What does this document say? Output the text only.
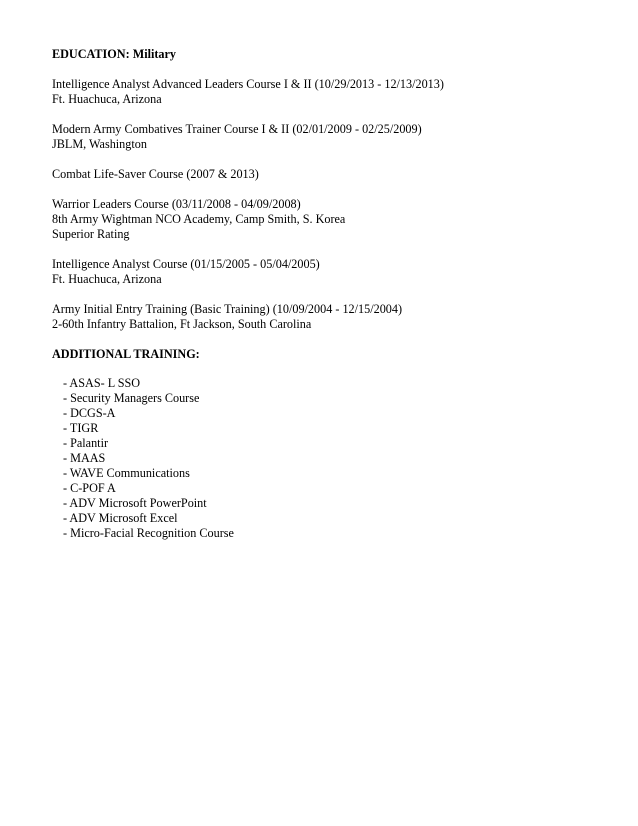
EDUCATION: Military
Intelligence Analyst Advanced Leaders Course I & II (10/29/2013 - 12/13/2013)
Ft. Huachuca, Arizona
Modern Army Combatives Trainer Course I & II (02/01/2009 - 02/25/2009)
JBLM, Washington
Combat Life-Saver Course (2007 & 2013)
Warrior Leaders Course (03/11/2008 - 04/09/2008)
8th Army Wightman NCO Academy, Camp Smith, S. Korea
Superior Rating
Intelligence Analyst Course (01/15/2005 - 05/04/2005)
Ft. Huachuca, Arizona
Army Initial Entry Training (Basic Training) (10/09/2004 - 12/15/2004)
2-60th Infantry Battalion, Ft Jackson, South Carolina
ADDITIONAL TRAINING:
- ASAS- L SSO
- Security Managers Course
- DCGS-A
- TIGR
- Palantir
- MAAS
- WAVE Communications
- C-POF A
- ADV Microsoft PowerPoint
- ADV Microsoft Excel
- Micro-Facial Recognition Course
